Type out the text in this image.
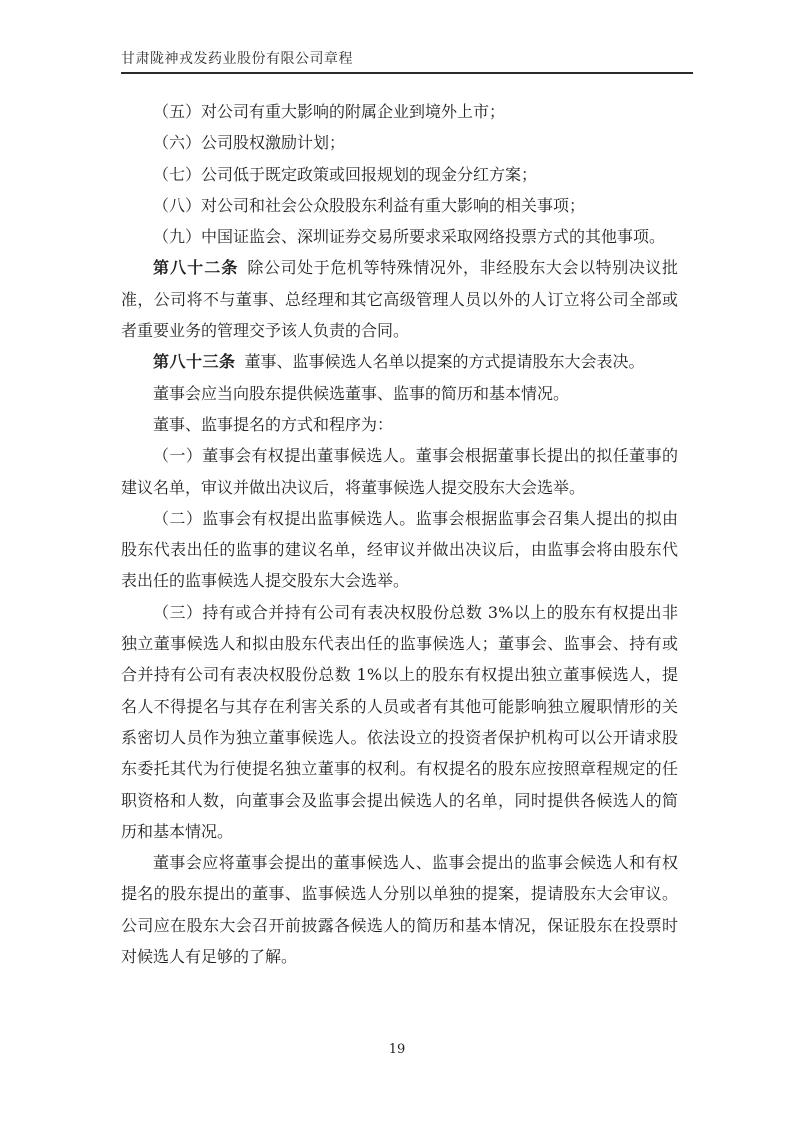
甘肃陇神戎发药业股份有限公司章程

（五）对公司有重大影响的附属企业到境外上市；

（六）公司股权激励计划；

（七）公司低于既定政策或回报规划的现金分红方案；

（八）对公司和社会公众股股东利益有重大影响的相关事项；

（九）中国证监会、深圳证券交易所要求采取网络投票方式的其他事项。

第八十二条 除公司处于危机等特殊情况外，非经股东大会以特别决议批准，公司将不与董事、总经理和其它高级管理人员以外的人订立将公司全部或者重要业务的管理交予该人负责的合同。

第八十三条 董事、监事候选人名单以提案的方式提请股东大会表决。

董事会应当向股东提供候选董事、监事的简历和基本情况。

董事、监事提名的方式和程序为：

（一）董事会有权提出董事候选人。董事会根据董事长提出的拟任董事的建议名单，审议并做出决议后，将董事候选人提交股东大会选举。

（二）监事会有权提出监事候选人。监事会根据监事会召集人提出的拟由股东代表出任的监事的建议名单，经审议并做出决议后，由监事会将由股东代表出任的监事候选人提交股东大会选举。

（三）持有或合并持有公司有表决权股份总数 3%以上的股东有权提出非独立董事候选人和拟由股东代表出任的监事候选人；董事会、监事会、持有或合并持有公司有表决权股份总数 1%以上的股东有权提出独立董事候选人，提名人不得提名与其存在利害关系的人员或者有其他可能影响独立履职情形的关系密切人员作为独立董事候选人。依法设立的投资者保护机构可以公开请求股东委托其代为行使提名独立董事的权利。有权提名的股东应按照章程规定的任职资格和人数，向董事会及监事会提出候选人的名单，同时提供各候选人的简历和基本情况。

董事会应将董事会提出的董事候选人、监事会提出的监事会候选人和有权提名的股东提出的董事、监事候选人分别以单独的提案，提请股东大会审议。公司应在股东大会召开前披露各候选人的简历和基本情况，保证股东在投票时对候选人有足够的了解。

19
